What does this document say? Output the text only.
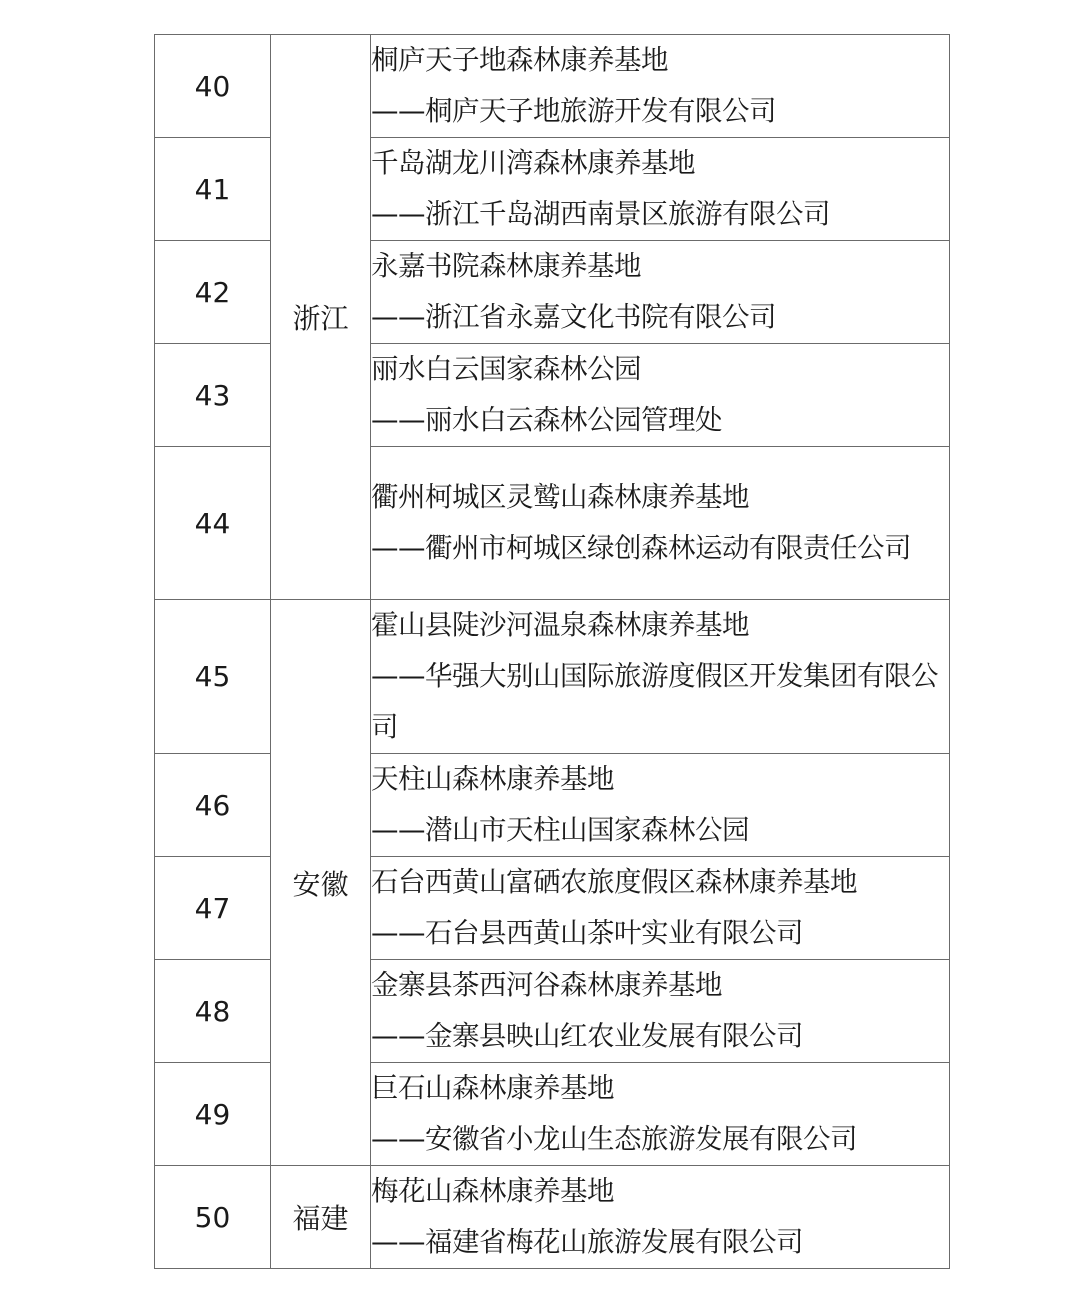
40	浙江	桐庐天子地森林康养基地
——桐庐天子地旅游开发有限公司

41		千岛湖龙川湾森林康养基地
——浙江千岛湖西南景区旅游有限公司

42		永嘉书院森林康养基地
——浙江省永嘉文化书院有限公司

43		丽水白云国家森林公园
——丽水白云森林公园管理处

44		衢州柯城区灵鹫山森林康养基地
——衢州市柯城区绿创森林运动有限责任公司
45	安徽	霍山县陡沙河温泉森林康养基地
——华强大别山国际旅游度假区开发集团有限公司
46		天柱山森林康养基地
——潜山市天柱山国家森林公园

47		石台西黄山富硒农旅度假区森林康养基地
——石台县西黄山茶叶实业有限公司

48		金寨县茶西河谷森林康养基地
——金寨县映山红农业发展有限公司

49		巨石山森林康养基地
——安徽省小龙山生态旅游发展有限公司

50	福建	梅花山森林康养基地
——福建省梅花山旅游发展有限公司
